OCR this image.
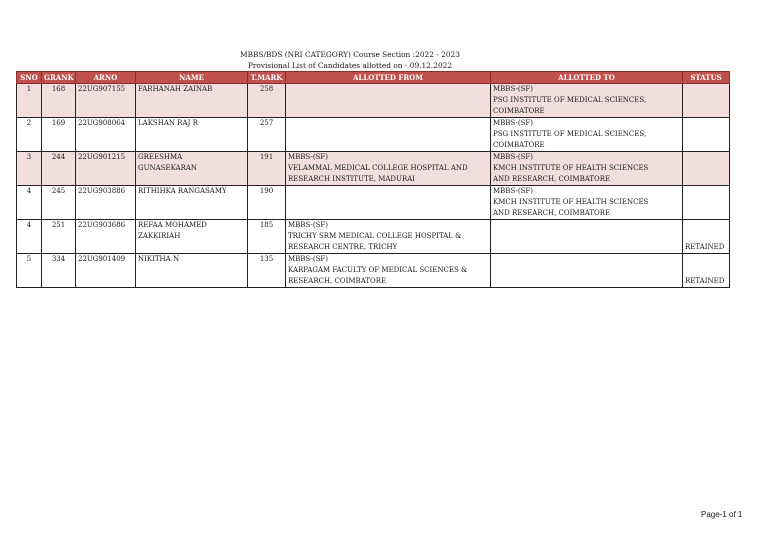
MBBS/BDS (NRI CATEGORY) Course Section :2022 - 2023
Provisional List of Candidates allotted on - 09.12.2022
SNO	GRANK	ARNO	NAME	T.MARK	ALLOTTED FROM	ALLOTTED TO	STATUS

1	168	22UG907155	FARHANAH ZAINAB	258		MBBS-(SF)
PSG INSTITUTE OF MEDICAL SCIENCES,
COIMBATORE	

2	169	22UG908064	LAKSHAN RAJ R	257		MBBS-(SF)
PSG INSTITUTE OF MEDICAL SCIENCES,
COIMBATORE	

3	244	22UG901215	GREESHMA
GUNASEKARAN	191	MBBS-(SF)
VELAMMAL MEDICAL COLLEGE HOSPITAL AND
RESEARCH INSTITUTE, MADURAI	MBBS-(SF)
KMCH INSTITUTE OF HEALTH SCIENCES
AND RESEARCH, COIMBATORE	

4	245	22UG903886	RITHIHKA RANGASAMY	190		MBBS-(SF)
KMCH INSTITUTE OF HEALTH SCIENCES
AND RESEARCH, COIMBATORE	

4	251	22UG903686	REFAA MOHAMED
ZAKKIRIAH	185	MBBS-(SF)
TRICHY SRM MEDICAL COLLEGE HOSPITAL &
RESEARCH CENTRE, TRICHY		RETAINED

5	334	22UG901409	NIKITHA N	135	MBBS-(SF)
KARPAGAM FACULTY OF MEDICAL SCIENCES &
RESEARCH, COIMBATORE		RETAINED
Page-1 of 1
